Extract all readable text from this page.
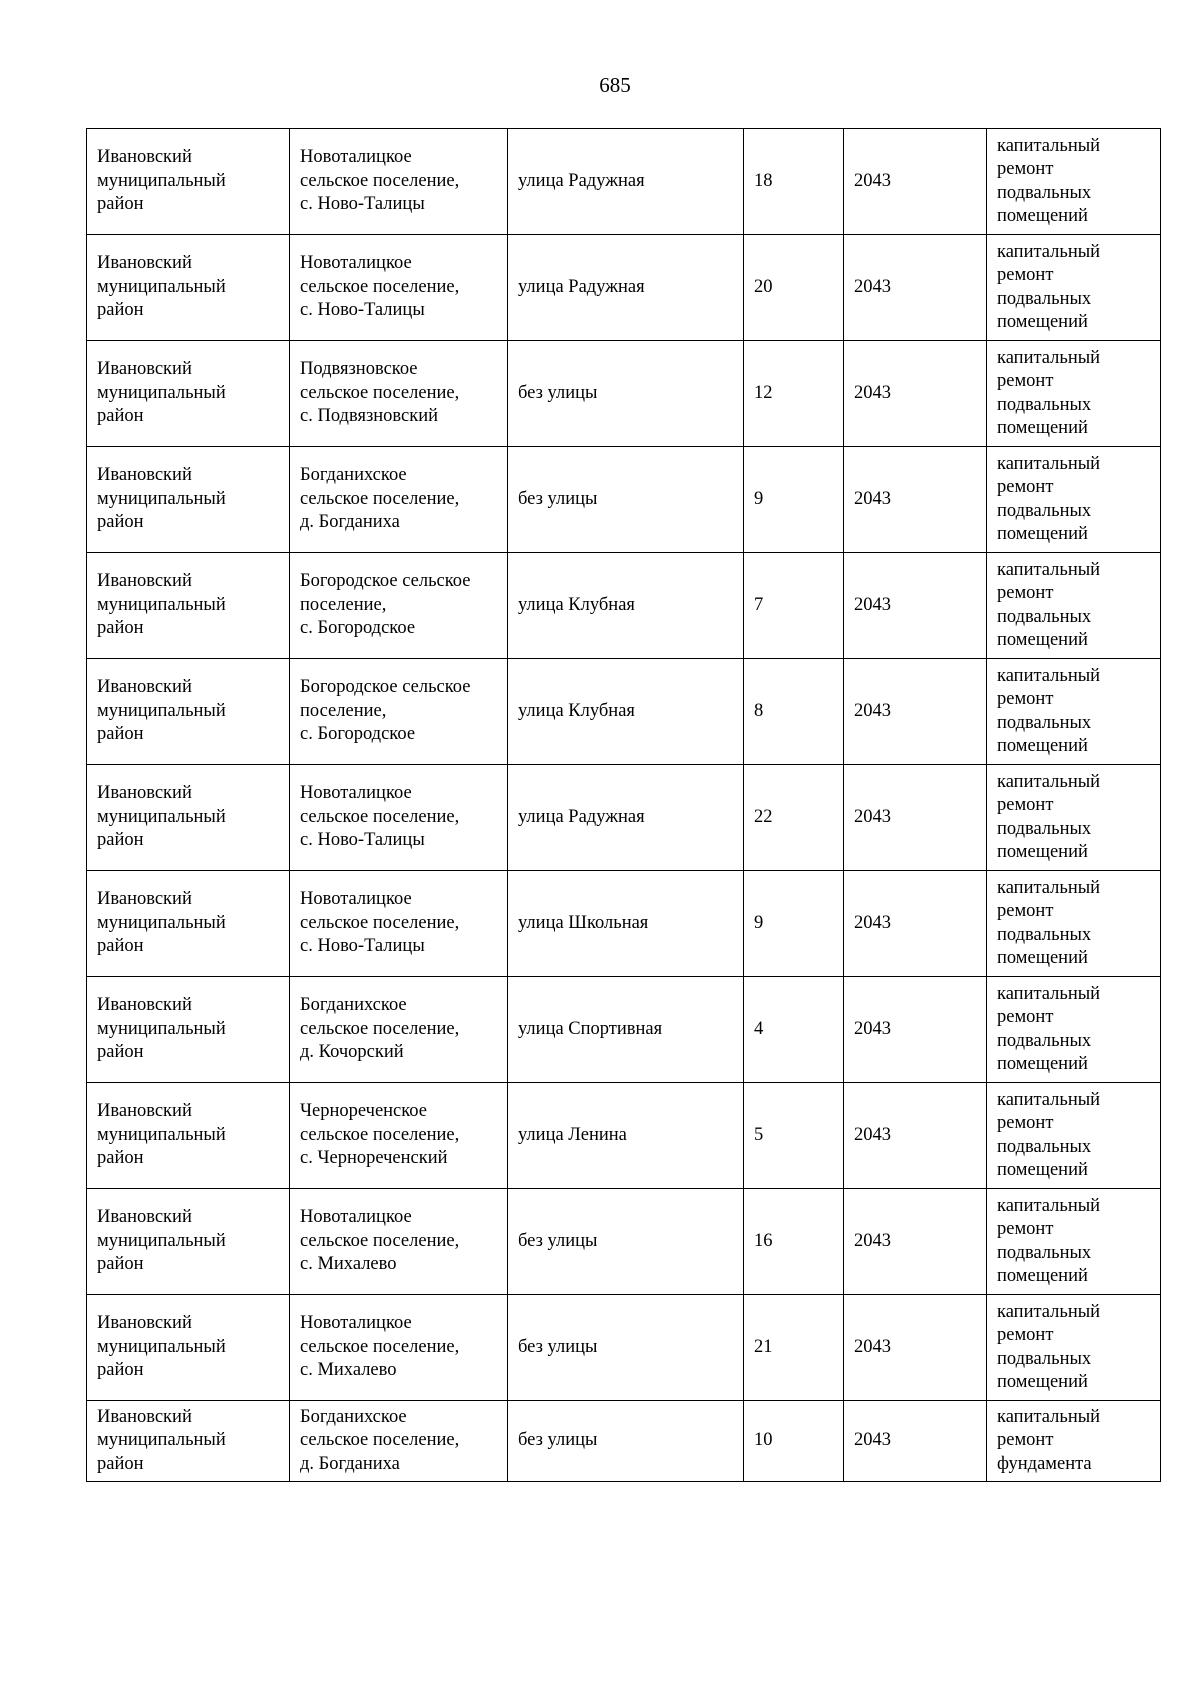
685
Ивановский
муниципальный
район	Новоталицкое
сельское поселение,
с. Ново-Талицы	улица Радужная	18	2043	капитальный
ремонт
подвальных
помещений

Ивановский
муниципальный
район	Новоталицкое
сельское поселение,
с. Ново-Талицы	улица Радужная	20	2043	капитальный
ремонт
подвальных
помещений

Ивановский
муниципальный
район	Подвязновское
сельское поселение,
с. Подвязновский	без улицы	12	2043	капитальный
ремонт
подвальных
помещений

Ивановский
муниципальный
район	Богданихское
сельское поселение,
д. Богданиха	без улицы	9	2043	капитальный
ремонт
подвальных
помещений

Ивановский
муниципальный
район	Богородское сельское
поселение,
с. Богородское	улица Клубная	7	2043	капитальный
ремонт
подвальных
помещений

Ивановский
муниципальный
район	Богородское сельское
поселение,
с. Богородское	улица Клубная	8	2043	капитальный
ремонт
подвальных
помещений

Ивановский
муниципальный
район	Новоталицкое
сельское поселение,
с. Ново-Талицы	улица Радужная	22	2043	капитальный
ремонт
подвальных
помещений

Ивановский
муниципальный
район	Новоталицкое
сельское поселение,
с. Ново-Талицы	улица Школьная	9	2043	капитальный
ремонт
подвальных
помещений

Ивановский
муниципальный
район	Богданихское
сельское поселение,
д. Кочорский	улица Спортивная	4	2043	капитальный
ремонт
подвальных
помещений

Ивановский
муниципальный
район	Чернореченское
сельское поселение,
с. Чернореченский	улица Ленина	5	2043	капитальный
ремонт
подвальных
помещений

Ивановский
муниципальный
район	Новоталицкое
сельское поселение,
с. Михалево	без улицы	16	2043	капитальный
ремонт
подвальных
помещений

Ивановский
муниципальный
район	Новоталицкое
сельское поселение,
с. Михалево	без улицы	21	2043	капитальный
ремонт
подвальных
помещений

Ивановский
муниципальный
район	Богданихское
сельское поселение,
д. Богданиха	без улицы	10	2043	капитальный
ремонт
фундамента
